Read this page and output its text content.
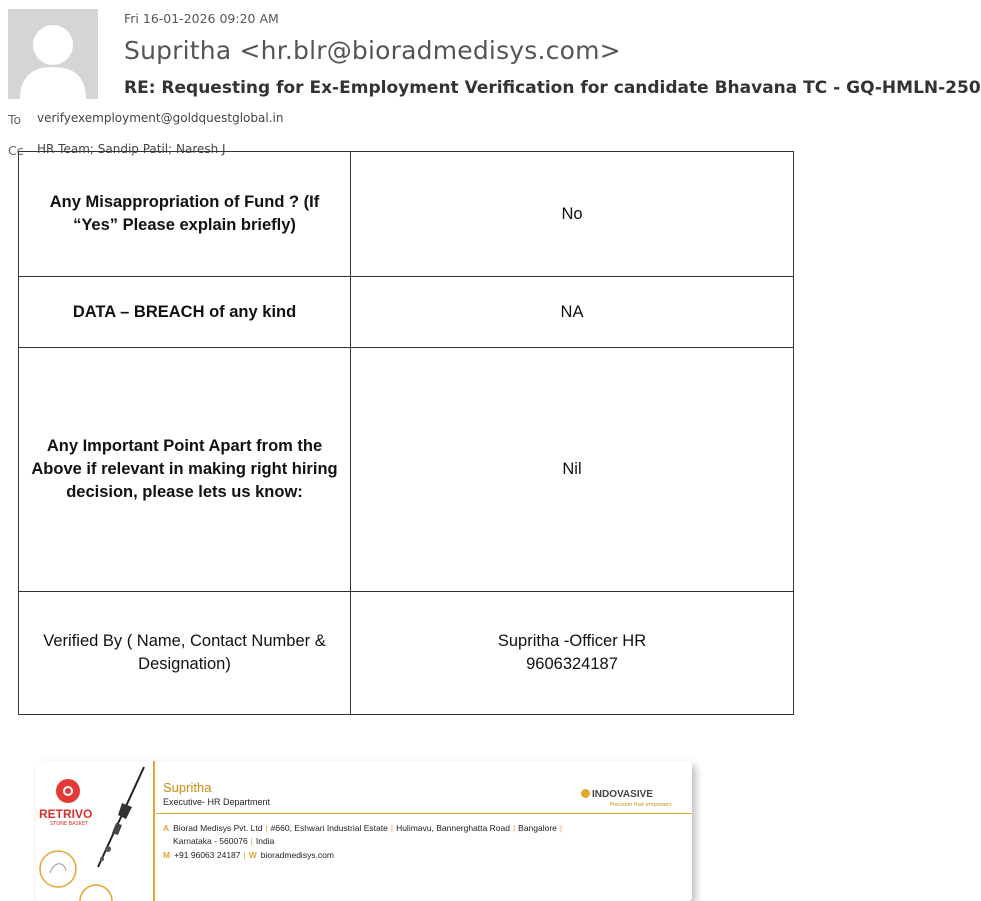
Fri 16-01-2026 09:20 AM
Supritha <hr.blr@bioradmedisys.com>
RE: Requesting for Ex-Employment Verification for candidate Bhavana TC - GQ-HMLN-250
To verifyexemployment@goldquestglobal.in
Cc HR Team; Sandip Patil; Naresh J
Any Misappropriation of Fund ? (If “Yes” Please explain briefly)	No
DATA – BREACH of any kind	NA
Any Important Point Apart from the Above if relevant in making right hiring decision, please lets us know:	Nil
Verified By ( Name, Contact Number & Designation)	Supritha -Officer HR
9606324187
RETRIVO
STONE BASKET
Supritha
Executive- HR Department
INDOVASIVE
Precision that empowers
A Biorad Medisys Pvt. Ltd | #660, Eshwari Industrial Estate | Hulimavu, Bannerghatta Road | Bangalore |
Karnataka - 560076 | India
M +91 96063 24187 | W bioradmedisys.com
